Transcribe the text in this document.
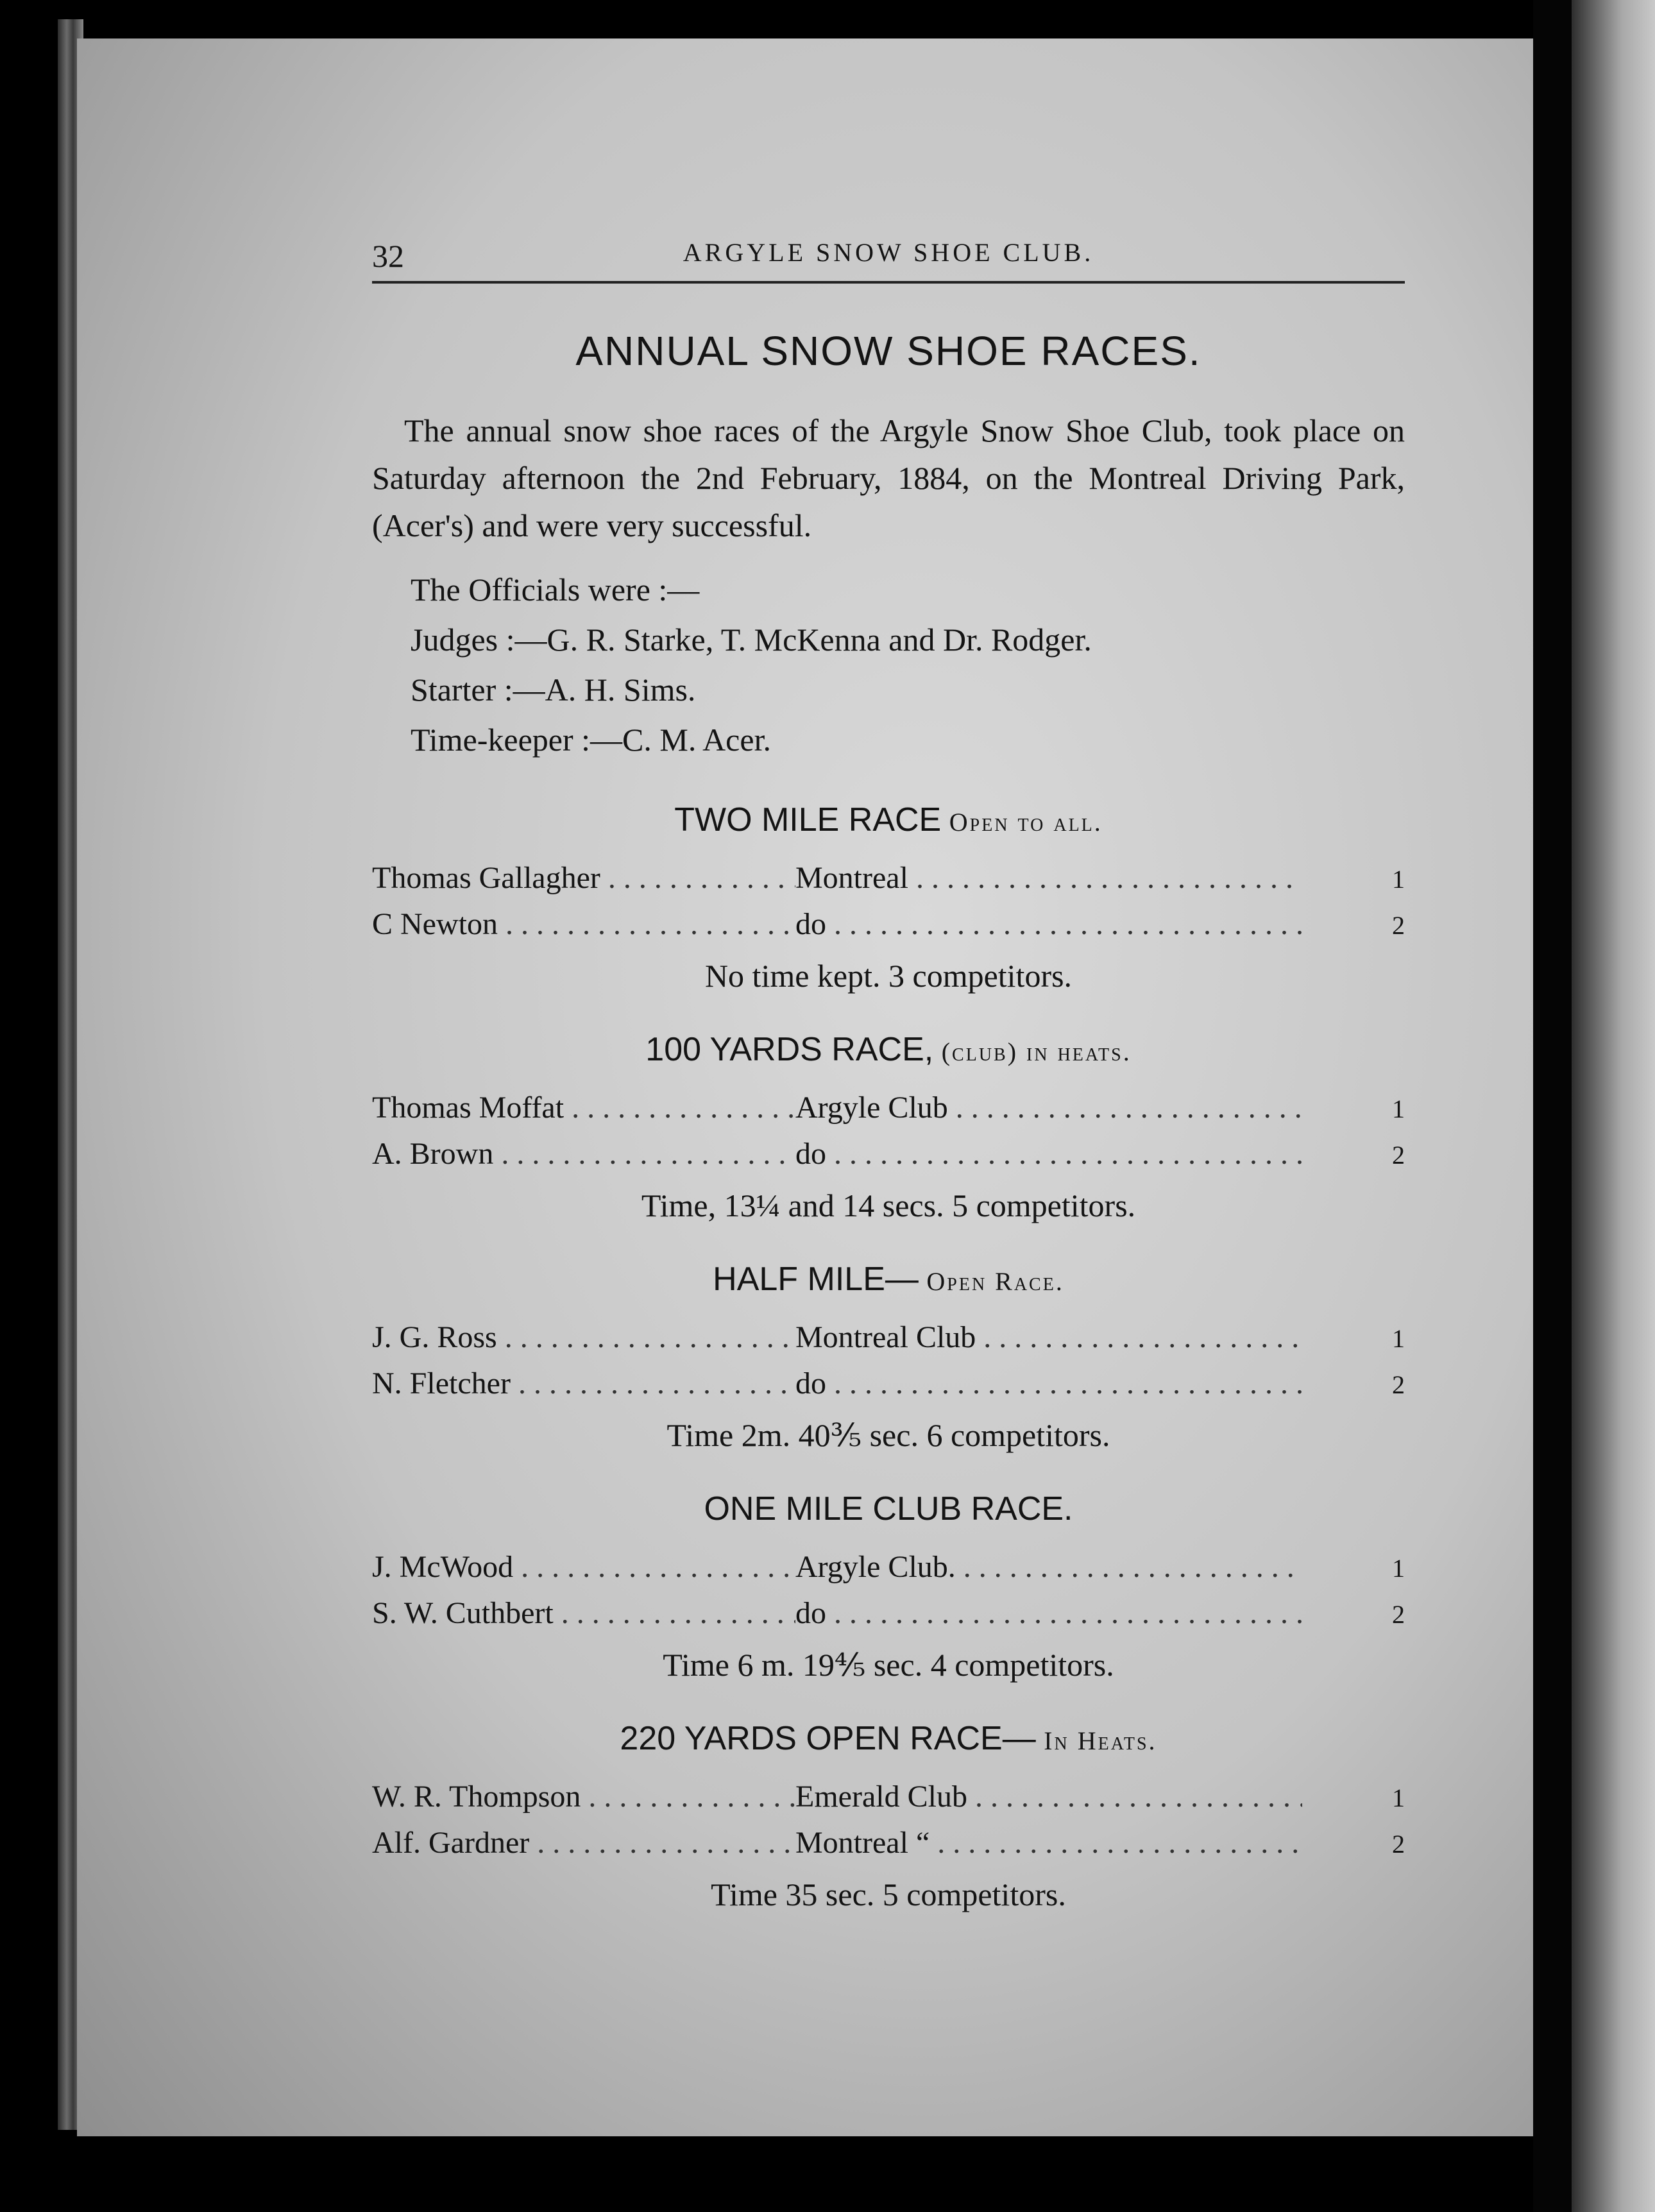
32	ARGYLE SNOW SHOE CLUB.
ANNUAL SNOW SHOE RACES.

The annual snow shoe races of the Argyle Snow Shoe Club, took place on Saturday afternoon the 2nd February, 1884, on the Montreal Driving Park, (Acer's) and were very successful.

The Officials were :—
Judges :—G. R. Starke, T. McKenna and Dr. Rodger.
Starter :—A. H. Sims.
Time-keeper :—C. M. Acer.
TWO MILE RACE Open to all.
Thomas Gallagher . . .	Montreal . . .	1
C Newton . . .	do . . .	2
No time kept. 3 competitors.
100 YARDS RACE, (club) in heats.
Thomas Moffat . . .	Argyle Club . . .	1
A. Brown . . .	do . . .	2
Time, 13¼ and 14 secs. 5 competitors.
HALF MILE— Open Race.
J. G. Ross . . .	Montreal Club . . .	1
N. Fletcher . . .	do . . .	2
Time 2m. 40⅗ sec. 6 competitors.
ONE MILE CLUB RACE.
J. McWood . . .	Argyle Club. . . .	1
S. W. Cuthbert . . .	do . . .	2
Time 6 m. 19⅘ sec. 4 competitors.
220 YARDS OPEN RACE— In Heats.
W. R. Thompson . . .	Emerald Club . . .	1
Alf. Gardner . . .	Montreal “ . . .	2
Time 35 sec. 5 competitors.
